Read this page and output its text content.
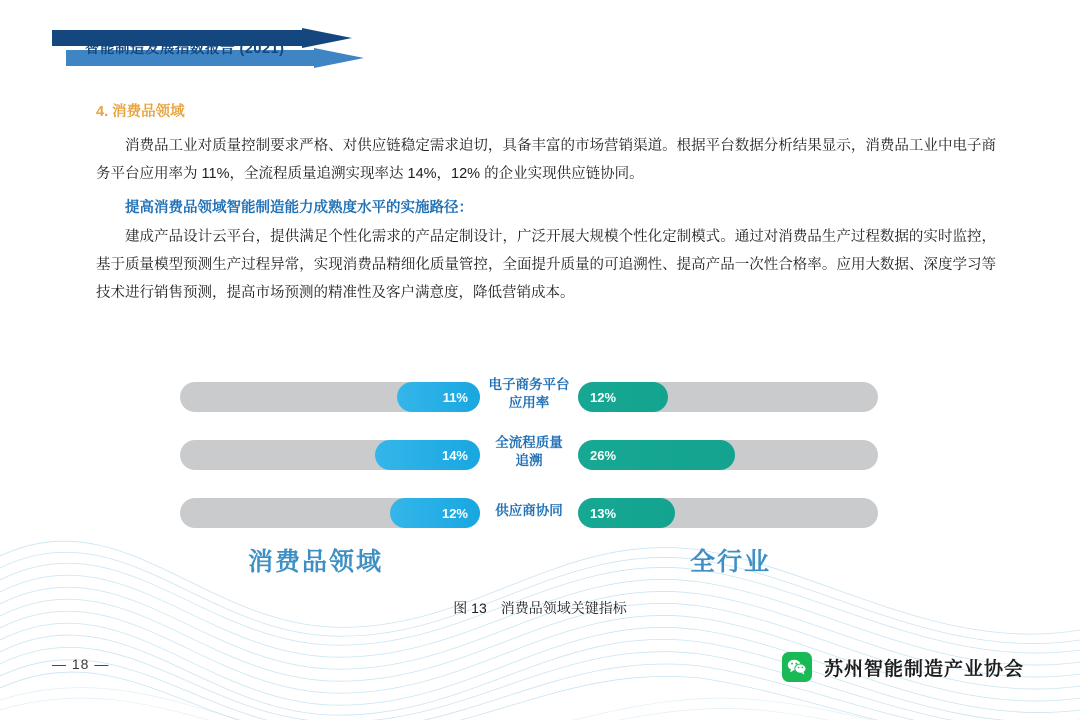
智能制造发展指数报告 (2021)
4. 消费品领域

消费品工业对质量控制要求严格、对供应链稳定需求迫切，具备丰富的市场营销渠道。根据平台数据分析结果显示，消费品工业中电子商务平台应用率为 11%，全流程质量追溯实现率达 14%，12% 的企业实现供应链协同。

提高消费品领域智能制造能力成熟度水平的实施路径：

建成产品设计云平台，提供满足个性化需求的产品定制设计，广泛开展大规模个性化定制模式。通过对消费品生产过程数据的实时监控，基于质量模型预测生产过程异常，实现消费品精细化质量管控，全面提升质量的可追溯性、提高产品一次性合格率。应用大数据、深度学习等技术进行销售预测，提高市场预测的精准性及客户满意度，降低营销成本。

11%	12%
电子商务平台
应用率
14%	26%
全流程质量
追溯
12%	13%
供应商协同
消费品领域	全行业
图 13　消费品领域关键指标
— 18 —	苏州智能制造产业协会
